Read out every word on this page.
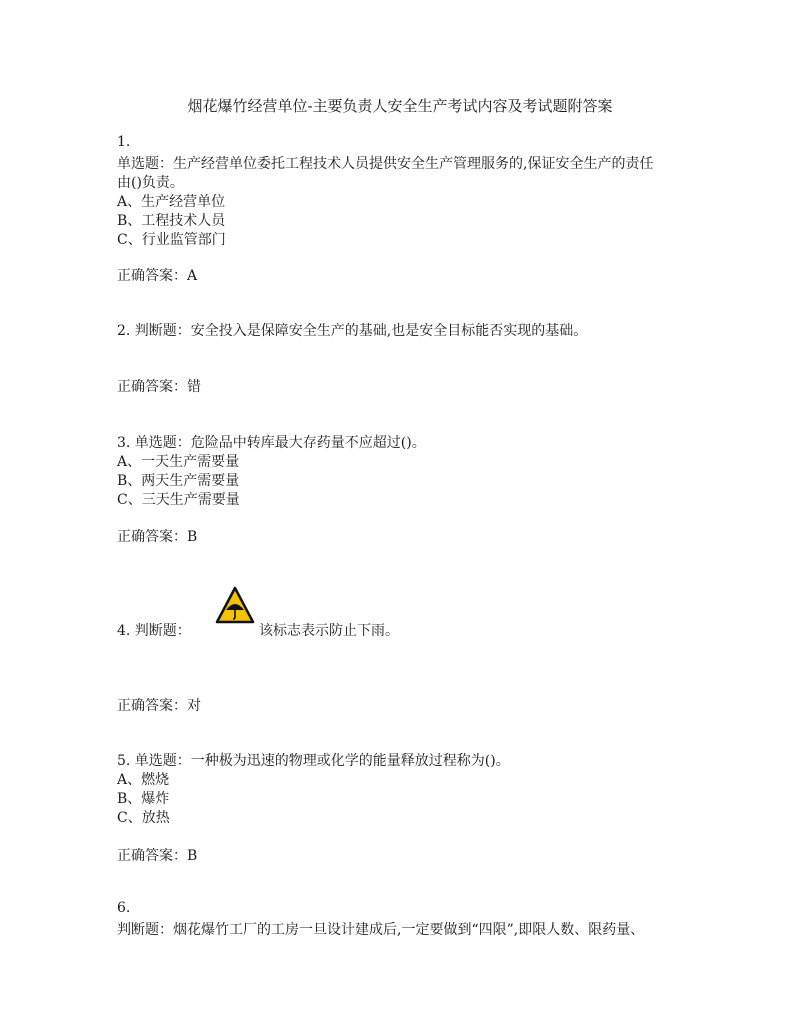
烟花爆竹经营单位-主要负责人安全生产考试内容及考试题附答案
1.
单选题：生产经营单位委托工程技术人员提供安全生产管理服务的,保证安全生产的责任
由()负责。
A、生产经营单位
B、工程技术人员
C、行业监管部门
正确答案：A
2. 判断题：安全投入是保障安全生产的基础,也是安全目标能否实现的基础。
正确答案：错
3. 单选题：危险品中转库最大存药量不应超过()。
A、一天生产需要量
B、两天生产需要量
C、三天生产需要量
正确答案：B
4. 判断题：	该标志表示防止下雨。
正确答案：对
5. 单选题：一种极为迅速的物理或化学的能量释放过程称为()。
A、燃烧
B、爆炸
C、放热
正确答案：B
6.
判断题：烟花爆竹工厂的工房一旦设计建成后,一定要做到“四限”,即限人数、限药量、
